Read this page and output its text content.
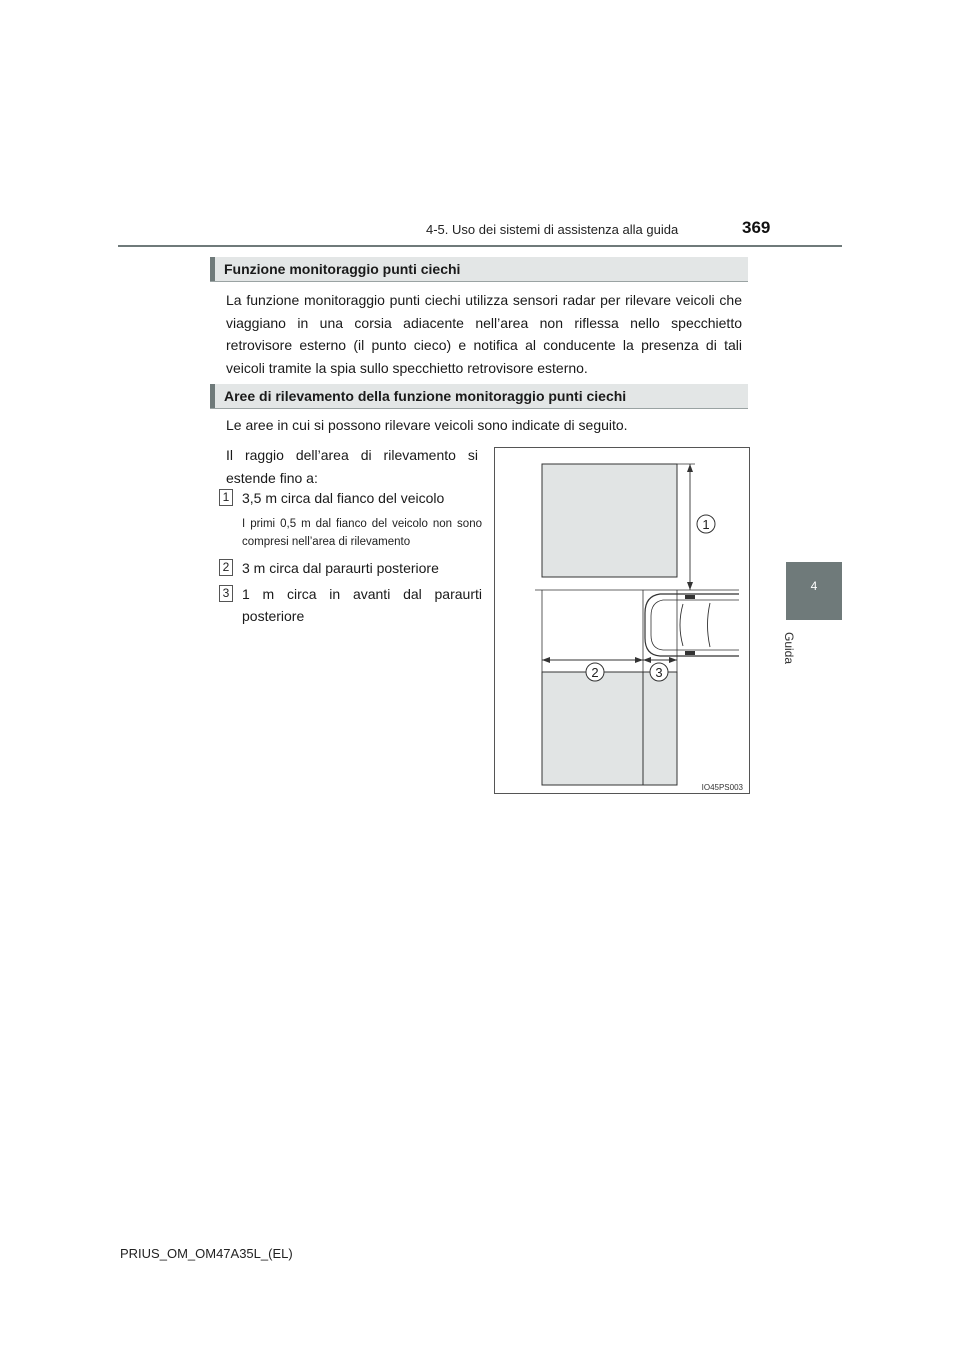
4-5. Uso dei sistemi di assistenza alla guida	369
4
Guida
Funzione monitoraggio punti ciechi
La funzione monitoraggio punti ciechi utilizza sensori radar per rilevare veicoli che viaggiano in una corsia adiacente nell’area non riflessa nello specchietto retrovisore esterno (il punto cieco) e notifica al conducente la presenza di tali veicoli tramite la spia sullo specchietto retrovisore esterno.
Aree di rilevamento della funzione monitoraggio punti ciechi
Le aree in cui si possono rilevare veicoli sono indicate di seguito.
Il raggio dell’area di rilevamento si estende fino a:
1 3,5 m circa dal fianco del veicolo
I primi 0,5 m dal fianco del veicolo non sono compresi nell’area di rilevamento
2 3 m circa dal paraurti posteriore
3 1 m circa in avanti dal paraurti posteriore
1
2	3
IO45PS003
PRIUS_OM_OM47A35L_(EL)
